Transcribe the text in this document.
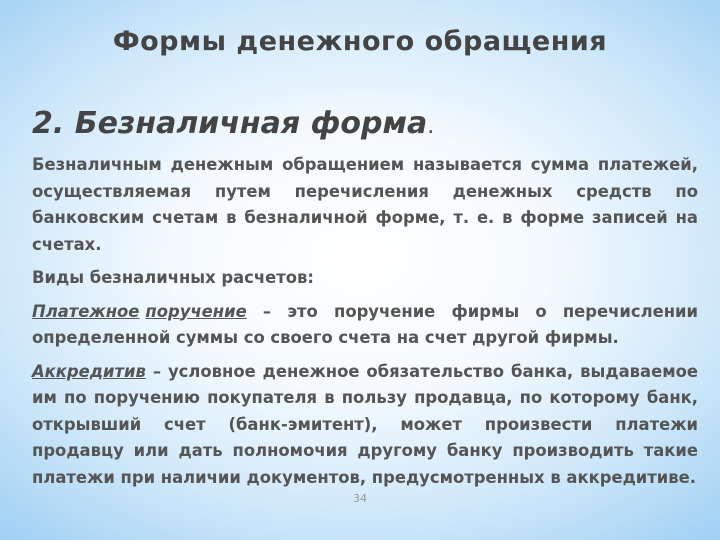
Формы денежного обращения
2. Безналичная форма.

Безналичным денежным обращением называется сумма платежей, осуществляемая путем перечисления денежных средств по банковским счетам в безналичной форме, т. е. в форме записей на счетах.

Виды безналичных расчетов:

Платежное поручение – это поручение фирмы о перечислении определенной суммы со своего счета на счет другой фирмы.

Аккредитив – условное денежное обязательство банка, выдаваемое им по поручению покупателя в пользу продавца, по которому банк, открывший счет (банк-эмитент), может произвести платежи продавцу или дать полномочия другому банку производить такие платежи при наличии документов, предусмотренных в аккредитиве.

34
